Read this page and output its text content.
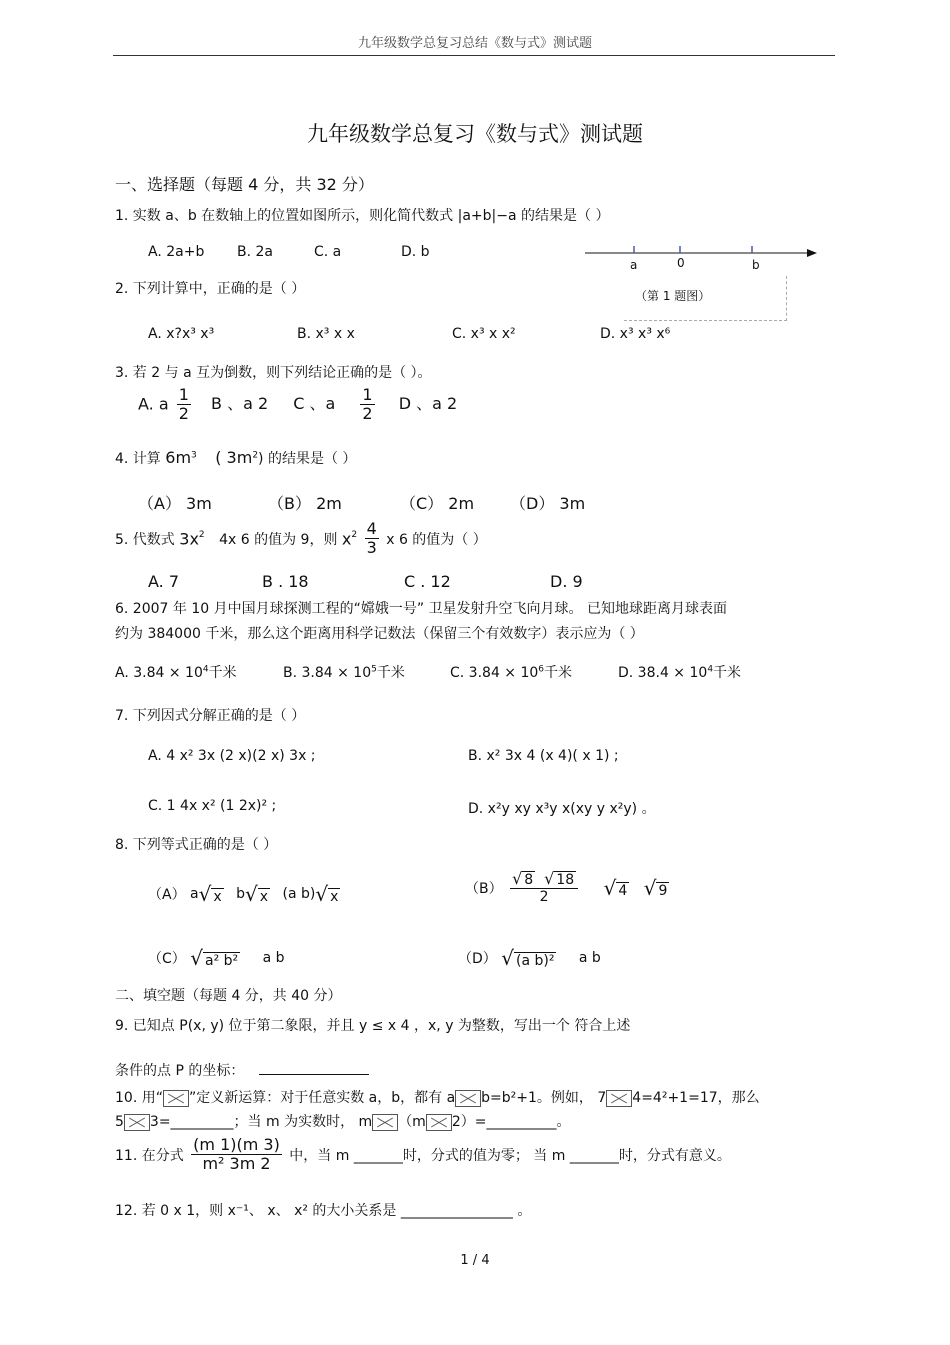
九年级数学总复习总结《数与式》测试题
九年级数学总复习《数与式》测试题
一、选择题（每题 4 分，共 32 分）
1. 实数 a、b 在数轴上的位置如图所示，则化简代数式 |a+b|−a 的结果是（ ）
A. 2a+b B. 2a	C. a	D. b
a	0	b
（第 1 题图）
2. 下列计算中，正确的是（ ）
A. x?x³ x³	B. x³ x x	C. x³ x x²	D. x³ x³ x⁶
3. 若 2 与 a 互为倒数，则下列结论正确的是（ ）。
A. a $\frac{1}{2}$ B 、a 2 C 、a $\frac{1}{2}$ D 、a 2
4. 计算 $6m^3$ ( $3m^2$) 的结果是（ ）
（A） 3m	（B） 2m	（C） 2m （D） 3m
5. 代数式 $3x^2$ 4x 6 的值为 9，则 $x^2 \frac{4}{3}$ x 6 的值为（ ）
A. 7	B . 18	C . 12	D. 9
6. 2007 年 10 月中国月球探测工程的“嫦娥一号” 卫星发射升空飞向月球。 已知地球距离月球表面
约为 384000 千米，那么这个距离用科学记数法（保留三个有效数字）表示应为（ ）
A. $3.84 \times 10^4$千米	B. $3.84 \times 10^5$千米	C. $3.84 \times 10^6$千米	D. $38.4 \times 10^4$千米
7. 下列因式分解正确的是（ ）
A. 4 x² 3x (2 x)(2 x) 3x ;	B. x² 3x 4 (x 4)( x 1) ;
C. 1 4x x² (1 2x)² ;	D. x²y xy x³y x(xy y x²y) 。
8. 下列等式正确的是（ ）
（A） a√ x b√ x (a b)√ x
$(B) \frac{√ 8 √ 18}{2}$ √ 4 √ 9
（C） √ a² b² a b	（D） √ (a b)² a b
二、填空题（每题 4 分，共 40 分）
9. 已知点 P(x, y) 位于第二象限，并且 y ≤ x 4 ，x, y 为整数，写出一个 符合上述
条件的点 P 的坐标：
10. 用“ ”定义新运算：对于任意实数 a，b，都有 a b=b²+1。例如， 7 4=4²+1=17，那么
5 3=_________；当 m 为实数时， m （m 2）=__________。
11. 在分式 $\frac{(m 1)(m 3)}{\text{m² 3m 2}}$ 中，当 m _______时，分式的值为零； 当 m _______时，分式有意义。
12. 若 0 x 1，则 x⁻¹、 x、 x² 的大小关系是 ________________ 。
1 / 4
